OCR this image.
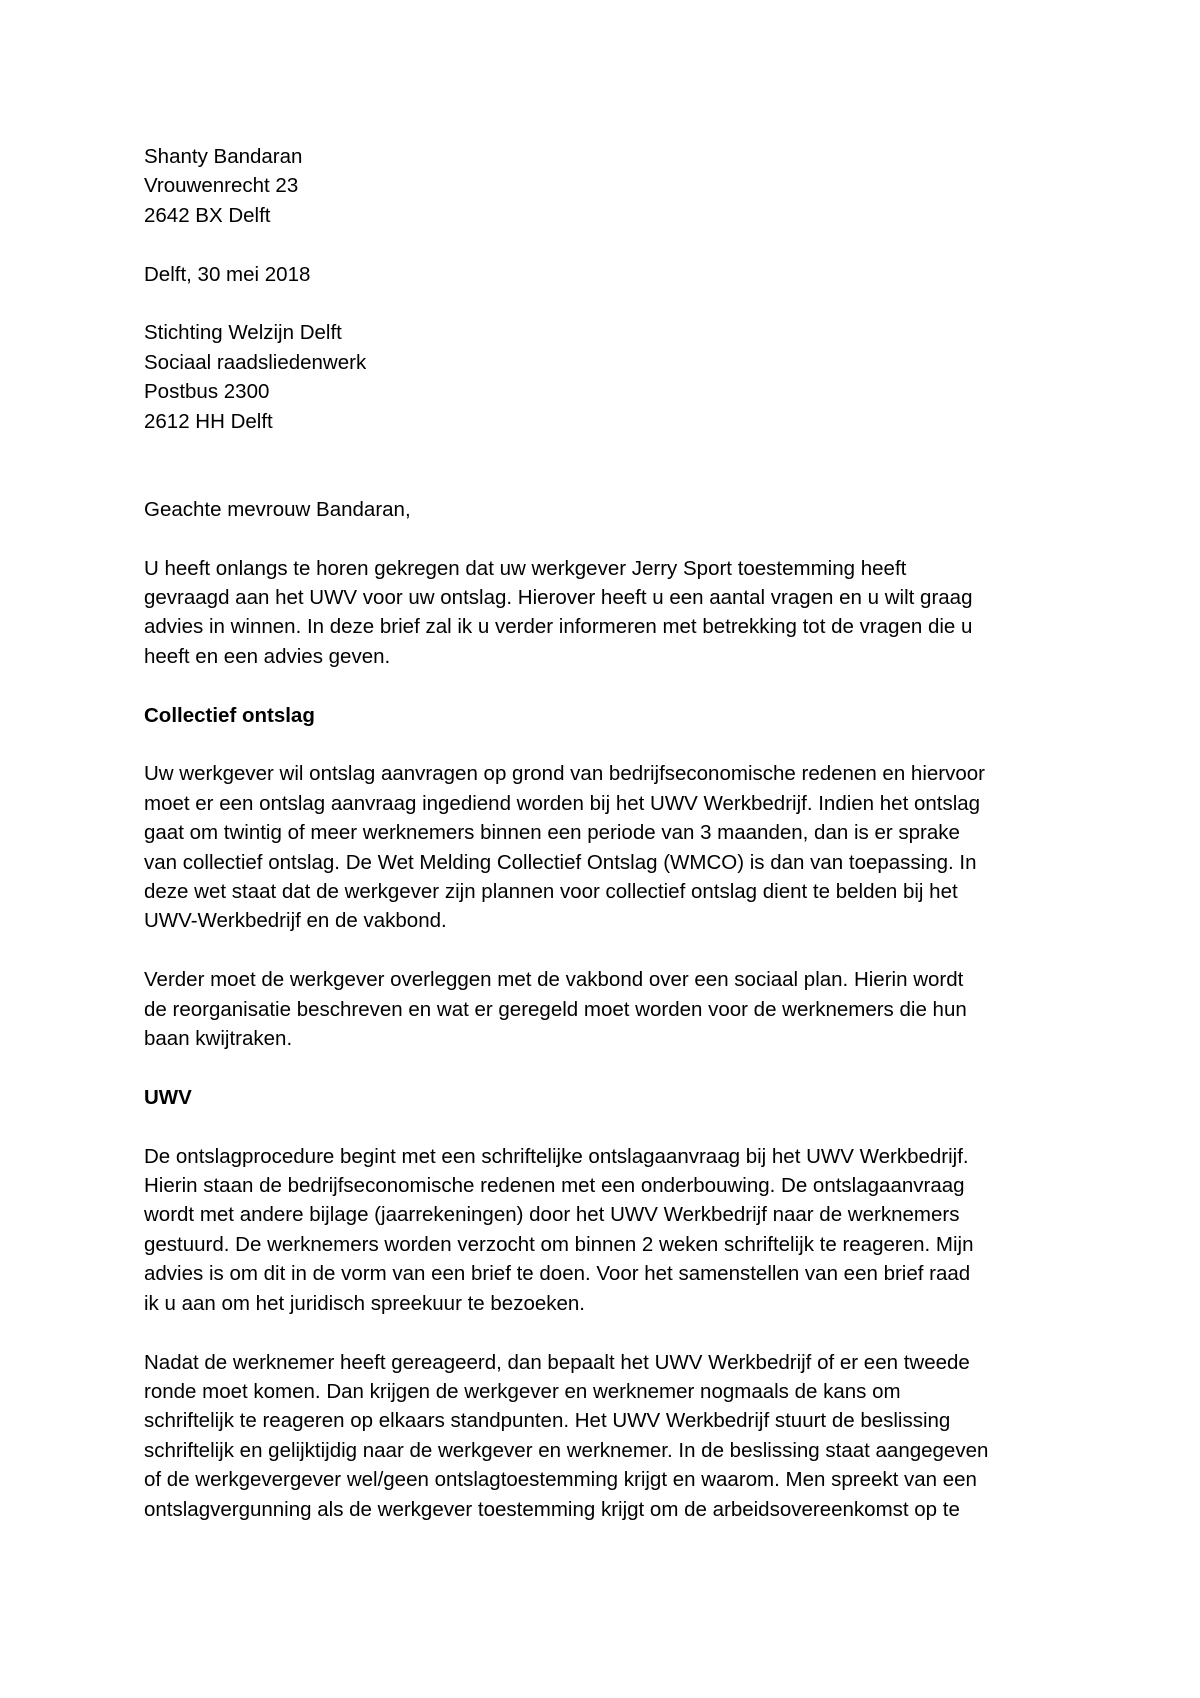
Shanty Bandaran
Vrouwenrecht 23
2642 BX Delft
Delft, 30 mei 2018
Stichting Welzijn Delft
Sociaal raadsliedenwerk
Postbus 2300
2612 HH Delft
Geachte mevrouw Bandaran,
U heeft onlangs te horen gekregen dat uw werkgever Jerry Sport toestemming heeft
gevraagd aan het UWV voor uw ontslag. Hierover heeft u een aantal vragen en u wilt graag
advies in winnen. In deze brief zal ik u verder informeren met betrekking tot de vragen die u
heeft en een advies geven.
Collectief ontslag
Uw werkgever wil ontslag aanvragen op grond van bedrijfseconomische redenen en hiervoor
moet er een ontslag aanvraag ingediend worden bij het UWV Werkbedrijf. Indien het ontslag
gaat om twintig of meer werknemers binnen een periode van 3 maanden, dan is er sprake
van collectief ontslag. De Wet Melding Collectief Ontslag (WMCO) is dan van toepassing. In
deze wet staat dat de werkgever zijn plannen voor collectief ontslag dient te belden bij het
UWV-Werkbedrijf en de vakbond.
Verder moet de werkgever overleggen met de vakbond over een sociaal plan. Hierin wordt
de reorganisatie beschreven en wat er geregeld moet worden voor de werknemers die hun
baan kwijtraken.
UWV
De ontslagprocedure begint met een schriftelijke ontslagaanvraag bij het UWV Werkbedrijf.
Hierin staan de bedrijfseconomische redenen met een onderbouwing. De ontslagaanvraag
wordt met andere bijlage (jaarrekeningen) door het UWV Werkbedrijf naar de werknemers
gestuurd. De werknemers worden verzocht om binnen 2 weken schriftelijk te reageren. Mijn
advies is om dit in de vorm van een brief te doen. Voor het samenstellen van een brief raad
ik u aan om het juridisch spreekuur te bezoeken.
Nadat de werknemer heeft gereageerd, dan bepaalt het UWV Werkbedrijf of er een tweede
ronde moet komen. Dan krijgen de werkgever en werknemer nogmaals de kans om
schriftelijk te reageren op elkaars standpunten. Het UWV Werkbedrijf stuurt de beslissing
schriftelijk en gelijktijdig naar de werkgever en werknemer. In de beslissing staat aangegeven
of de werkgevergever wel/geen ontslagtoestemming krijgt en waarom. Men spreekt van een
ontslagvergunning als de werkgever toestemming krijgt om de arbeidsovereenkomst op te
